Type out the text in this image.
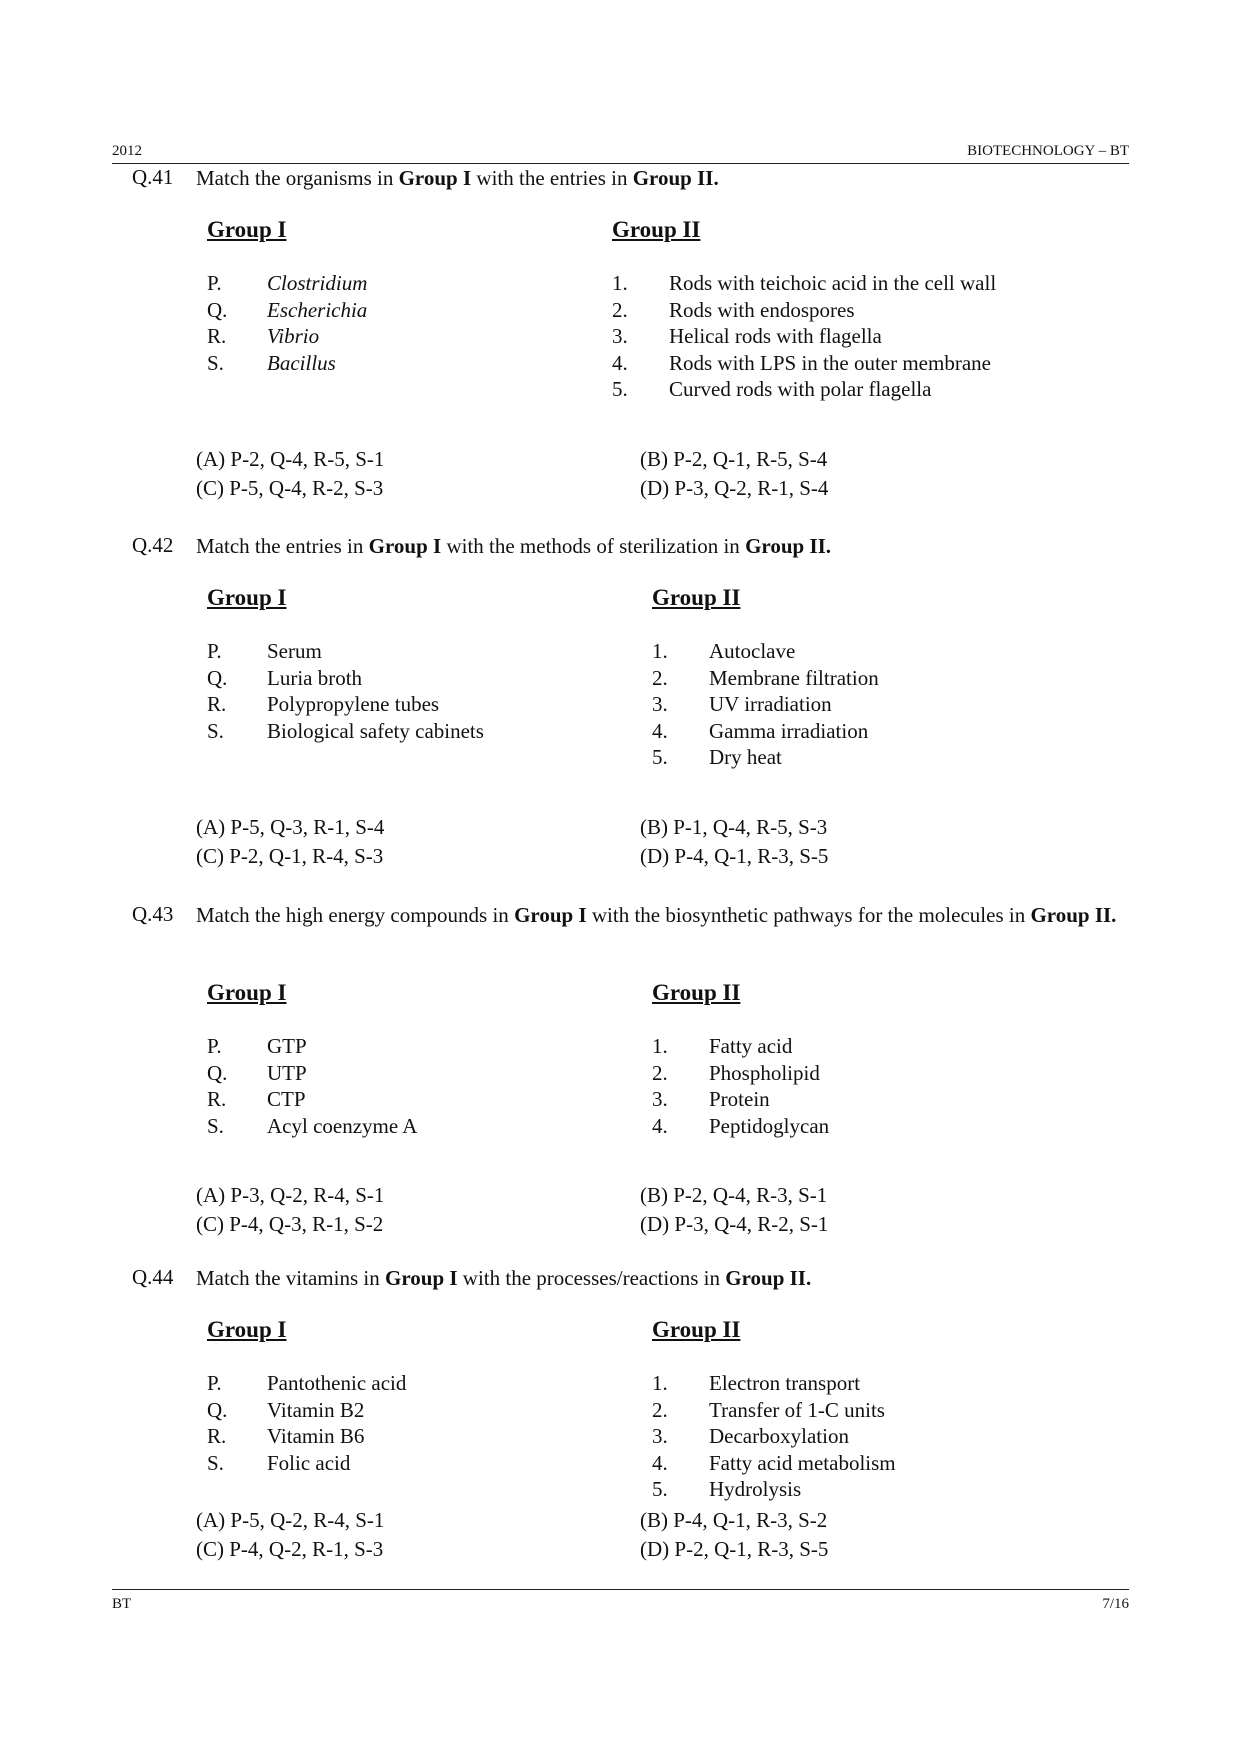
2012	BIOTECHNOLOGY – BT
Q.41 Match the organisms in Group I with the entries in Group II.
Group I	Group II
P. Clostridium
Q. Escherichia
R. Vibrio
S. Bacillus
1. Rods with teichoic acid in the cell wall
2. Rods with endospores
3. Helical rods with flagella
4. Rods with LPS in the outer membrane
5. Curved rods with polar flagella
(A) P-2, Q-4, R-5, S-1	(B) P-2, Q-1, R-5, S-4
(C) P-5, Q-4, R-2, S-3	(D) P-3, Q-2, R-1, S-4
Q.42 Match the entries in Group I with the methods of sterilization in Group II.
Group I	Group II
P. Serum
Q. Luria broth
R. Polypropylene tubes
S. Biological safety cabinets
1. Autoclave
2. Membrane filtration
3. UV irradiation
4. Gamma irradiation
5. Dry heat
(A) P-5, Q-3, R-1, S-4	(B) P-1, Q-4, R-5, S-3
(C) P-2, Q-1, R-4, S-3	(D) P-4, Q-1, R-3, S-5
Q.43 Match the high energy compounds in Group I with the biosynthetic pathways for the molecules in Group II.
Group I	Group II
P. GTP
Q. UTP
R. CTP
S. Acyl coenzyme A
1. Fatty acid
2. Phospholipid
3. Protein
4. Peptidoglycan
(A) P-3, Q-2, R-4, S-1	(B) P-2, Q-4, R-3, S-1
(C) P-4, Q-3, R-1, S-2	(D) P-3, Q-4, R-2, S-1
Q.44 Match the vitamins in Group I with the processes/reactions in Group II.
Group I	Group II
P. Pantothenic acid
Q. Vitamin B2
R. Vitamin B6
S. Folic acid
1. Electron transport
2. Transfer of 1-C units
3. Decarboxylation
4. Fatty acid metabolism
5. Hydrolysis
(A) P-5, Q-2, R-4, S-1	(B) P-4, Q-1, R-3, S-2
(C) P-4, Q-2, R-1, S-3	(D) P-2, Q-1, R-3, S-5
BT	7/16
